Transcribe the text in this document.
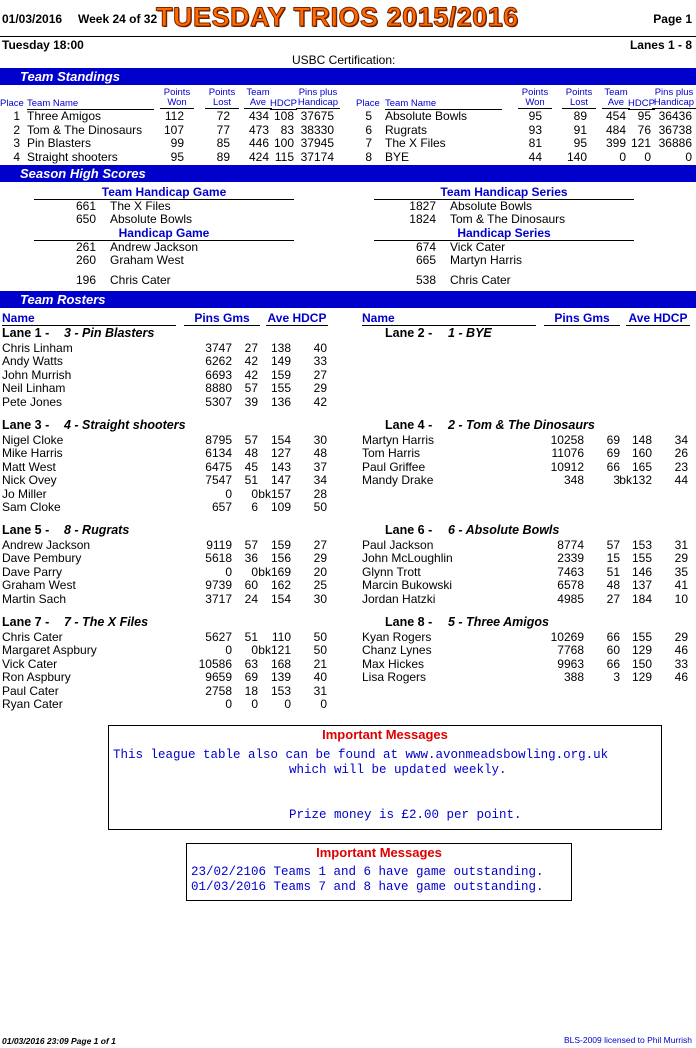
01/03/2016 Week 24 of 32
TUESDAY TRIOS 2015/2016	Page 1
Tuesday 18:00	Lanes 1 - 8
USBC Certification:
Team Standings
Place Team Name
Points
Won
Points
Lost
Team
Ave HDCP
Pins plus
Handicap Place Team Name
Points
Won
Points
Lost
Team
Ave HDCP
Pins plus
Handicap
1 Three Amigos	112	72	434 108 37675
2 Tom & The Dinosaurs	107	77	473 83 38330
3 Pin Blasters	99	85	446 100 37945
4 Straight shooters	95	89	424 115 37174
5 Absolute Bowls	95	89	454 95 36436
6 Rugrats	93	91	484 76 36738
7 The X Files	81	95	399 121 36886
8 BYE	44	140	0	0	0
Season High Scores
Team Handicap Game	Team Handicap Series
Handicap Game	Handicap Series
661 The X Files
650 Absolute Bowls
1827 Absolute Bowls
1824 Tom & The Dinosaurs
261 Andrew Jackson
260 Graham West
196 Chris Cater
674 Vick Cater
665 Martyn Harris
538 Chris Cater
Team Rosters
Name	Pins Gms	Ave HDCP	Name	Pins Gms	Ave HDCP
Lane 1 - 3 - Pin Blasters
Chris Linham	3747	27	138	40
Andy Watts	6262	42	149	33
John Murrish	6693	42	159	27
Neil Linham	8880	57	155	29
Pete Jones	5307	39	136	42
Lane 3 - 4 - Straight shooters
Nigel Cloke	8795	57	154	30
Mike Harris	6134	48	127	48
Matt West	6475	45	143	37
Nick Ovey	7547	51	147	34
Jo Miller	0	0 bk157	28
Sam Cloke	657	6	109	50
Lane 5 - 8 - Rugrats
Andrew Jackson	9119	57	159	27
Dave Pembury	5618	36	156	29
Dave Parry	0	0 bk169	20
Graham West	9739	60	162	25
Martin Sach	3717	24	154	30
Lane 7 - 7 - The X Files
Chris Cater	5627	51	110	50
Margaret Aspbury	0	0 bk121	50
Vick Cater	10586	63	168	21
Ron Aspbury	9659	69	139	40
Paul Cater	2758	18	153	31
Ryan Cater	0	0	0	0
Lane 2 - 1 - BYE
Lane 4 - 2 - Tom & The Dinosaurs
Martyn Harris	10258	69 148	34
Tom Harris	11076	69 160	26
Paul Griffee	10912	66 165	23
Mandy Drake	348	3 bk132	44
Lane 6 - 6 - Absolute Bowls
Paul Jackson	8774	57 153	31
John McLoughlin	2339	15 155	29
Glynn Trott	7463	51 146	35
Marcin Bukowski	6578	48 137	41
Jordan Hatzki	4985	27 184	10
Lane 8 - 5 - Three Amigos
Kyan Rogers	10269	66 155	29
Chanz Lynes	7768	60 129	46
Max Hickes	9963	66 150	33
Lisa Rogers	388	3 129	46
Important Messages
This league table also can be found at www.avonmeadsbowling.org.uk
which will be updated weekly.
Prize money is £2.00 per point.
Important Messages
23/02/2106 Teams 1 and 6 have game outstanding.
01/03/2016 Teams 7 and 8 have game outstanding.
01/03/2016 23:09 Page 1 of 1	BLS-2009 licensed to Phil Murrish
